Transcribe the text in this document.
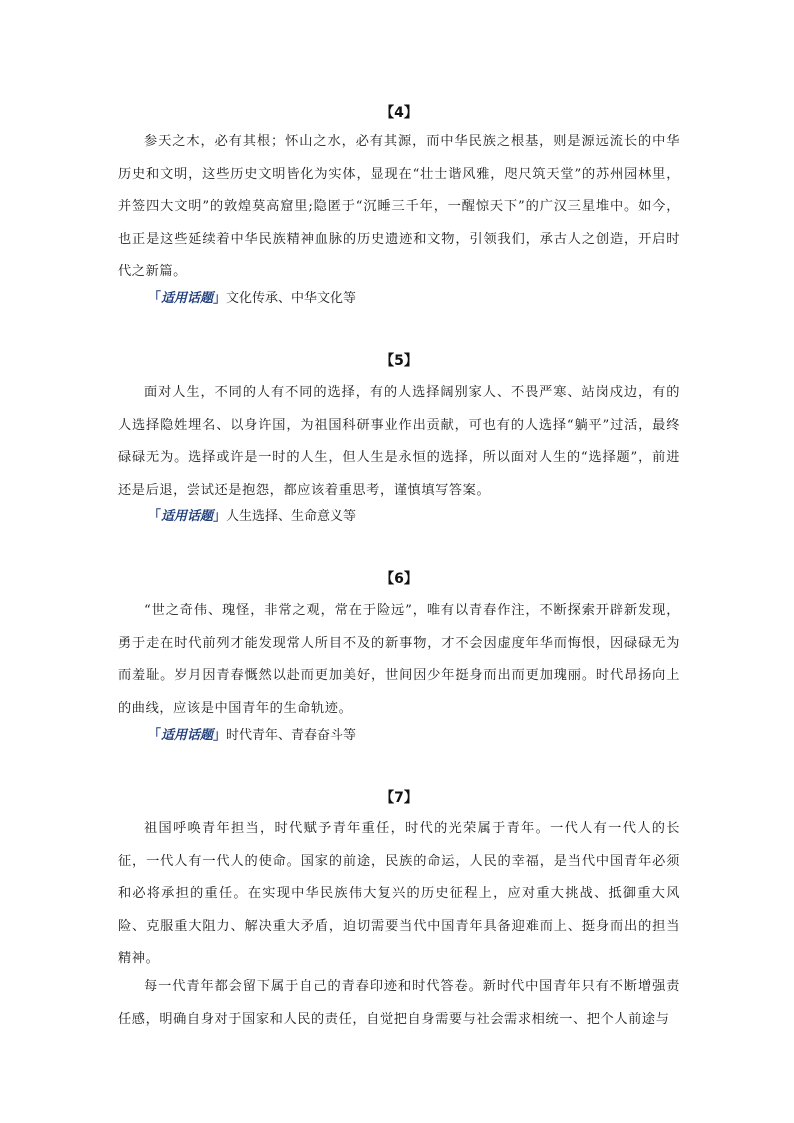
【4】

参天之木，必有其根；怀山之水，必有其源，而中华民族之根基，则是源远流长的中华历史和文明，这些历史文明皆化为实体，显现在“壮士谐风雅，咫尺筑天堂”的苏州园林里，并签四大文明”的敦煌莫高窟里;隐匿于“沉睡三千年，一醒惊天下”的广汉三星堆中。如今，也正是这些延续着中华民族精神血脉的历史遗迹和文物，引领我们，承古人之创造，开启时代之新篇。

「适用话题」文化传承、中华文化等
【5】

面对人生，不同的人有不同的选择，有的人选择阔别家人、不畏严寒、站岗戍边，有的人选择隐姓埋名、以身许国，为祖国科研事业作出贡献，可也有的人选择“躺平”过活，最终碌碌无为。选择或许是一时的人生，但人生是永恒的选择，所以面对人生的“选择题”，前进还是后退，尝试还是抱怨，都应该着重思考，谨慎填写答案。

「适用话题」人生选择、生命意义等
【6】

“世之奇伟、瑰怪，非常之观，常在于险远”，唯有以青春作注，不断探索开辟新发现，勇于走在时代前列才能发现常人所目不及的新事物，才不会因虚度年华而悔恨，因碌碌无为而羞耻。岁月因青春慨然以赴而更加美好，世间因少年挺身而出而更加瑰丽。时代昂扬向上的曲线，应该是中国青年的生命轨迹。

「适用话题」时代青年、青春奋斗等
【7】

祖国呼唤青年担当，时代赋予青年重任，时代的光荣属于青年。一代人有一代人的长征，一代人有一代人的使命。国家的前途，民族的命运，人民的幸福，是当代中国青年必须和必将承担的重任。在实现中华民族伟大复兴的历史征程上，应对重大挑战、抵御重大风险、克服重大阻力、解决重大矛盾，迫切需要当代中国青年具备迎难而上、挺身而出的担当精神。

每一代青年都会留下属于自己的青春印迹和时代答卷。新时代中国青年只有不断增强责任感，明确自身对于国家和人民的责任，自觉把自身需要与社会需求相统一、把个人前途与
